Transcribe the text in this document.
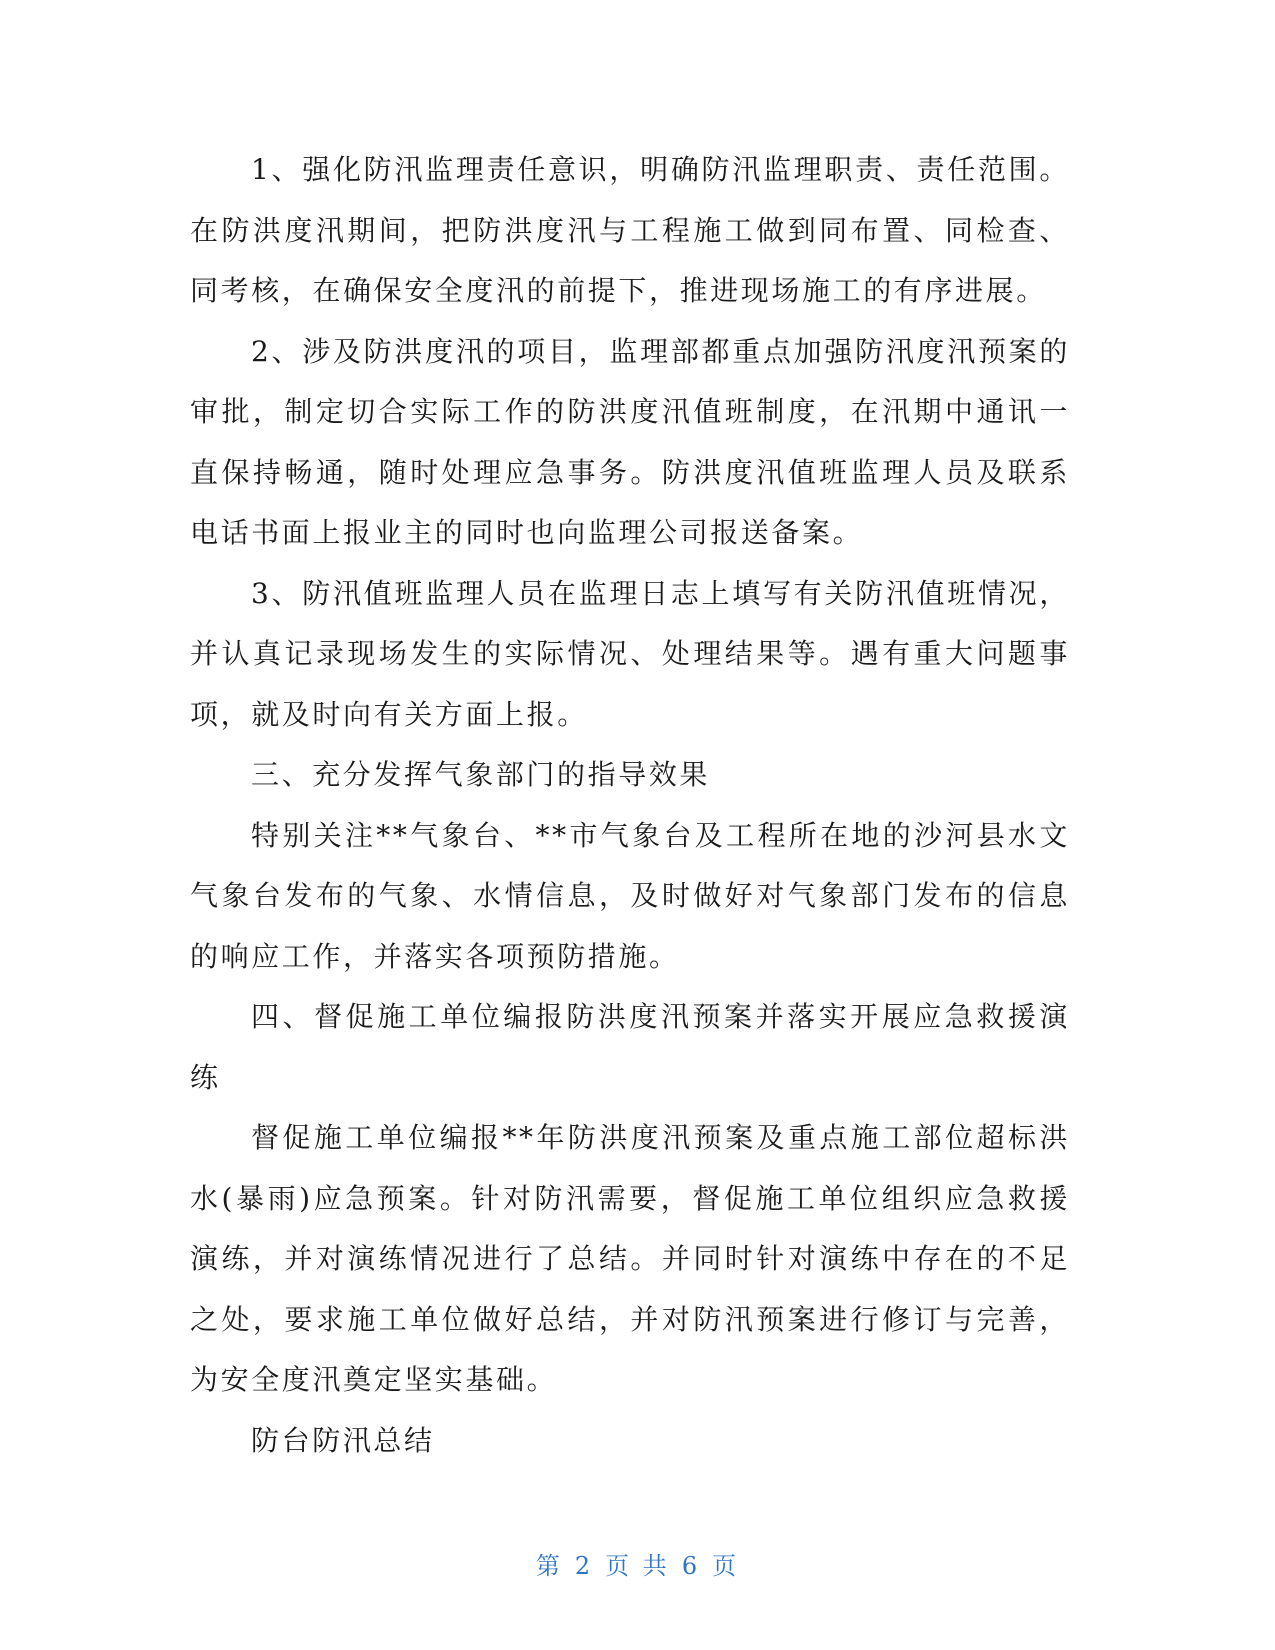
1、强化防汛监理责任意识，明确防汛监理职责、责任范围。在防洪度汛期间，把防洪度汛与工程施工做到同布置、同检查、同考核，在确保安全度汛的前提下，推进现场施工的有序进展。

2、涉及防洪度汛的项目，监理部都重点加强防汛度汛预案的审批，制定切合实际工作的防洪度汛值班制度，在汛期中通讯一直保持畅通，随时处理应急事务。防洪度汛值班监理人员及联系电话书面上报业主的同时也向监理公司报送备案。

3、防汛值班监理人员在监理日志上填写有关防汛值班情况，并认真记录现场发生的实际情况、处理结果等。遇有重大问题事项，就及时向有关方面上报。

三、充分发挥气象部门的指导效果

特别关注**气象台、**市气象台及工程所在地的沙河县水文气象台发布的气象、水情信息，及时做好对气象部门发布的信息的响应工作，并落实各项预防措施。

四、督促施工单位编报防洪度汛预案并落实开展应急救援演练

督促施工单位编报**年防洪度汛预案及重点施工部位超标洪水(暴雨)应急预案。针对防汛需要，督促施工单位组织应急救援演练，并对演练情况进行了总结。并同时针对演练中存在的不足之处，要求施工单位做好总结，并对防汛预案进行修订与完善，为安全度汛奠定坚实基础。

防台防汛总结

第 2 页 共 6 页
